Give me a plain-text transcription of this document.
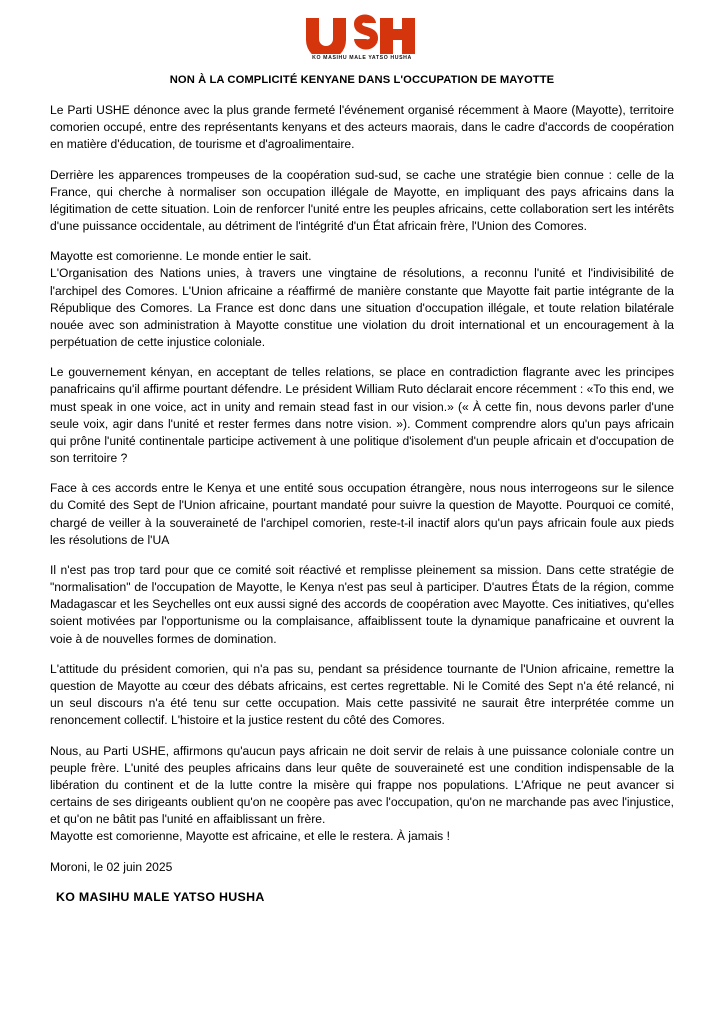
KO MASIHU MALE YATSO HUSHA
NON À LA COMPLICITÉ KENYANE DANS L'OCCUPATION DE MAYOTTE

Le Parti USHE dénonce avec la plus grande fermeté l'événement organisé récemment à Maore (Mayotte), territoire comorien occupé, entre des représentants kenyans et des acteurs maorais, dans le cadre d'accords de coopération en matière d'éducation, de tourisme et d'agroalimentaire.

Derrière les apparences trompeuses de la coopération sud-sud, se cache une stratégie bien connue : celle de la France, qui cherche à normaliser son occupation illégale de Mayotte, en impliquant des pays africains dans la légitimation de cette situation. Loin de renforcer l'unité entre les peuples africains, cette collaboration sert les intérêts d'une puissance occidentale, au détriment de l'intégrité d'un État africain frère, l'Union des Comores.

Mayotte est comorienne. Le monde entier le sait.

L'Organisation des Nations unies, à travers une vingtaine de résolutions, a reconnu l'unité et l'indivisibilité de l'archipel des Comores. L'Union africaine a réaffirmé de manière constante que Mayotte fait partie intégrante de la République des Comores. La France est donc dans une situation d'occupation illégale, et toute relation bilatérale nouée avec son administration à Mayotte constitue une violation du droit international et un encouragement à la perpétuation de cette injustice coloniale.

Le gouvernement kényan, en acceptant de telles relations, se place en contradiction flagrante avec les principes panafricains qu'il affirme pourtant défendre. Le président William Ruto déclarait encore récemment : «To this end, we must speak in one voice, act in unity and remain stead fast in our vision.» (« À cette fin, nous devons parler d'une seule voix, agir dans l'unité et rester fermes dans notre vision. »). Comment comprendre alors qu'un pays africain qui prône l'unité continentale participe activement à une politique d'isolement d'un peuple africain et d'occupation de son territoire ?

Face à ces accords entre le Kenya et une entité sous occupation étrangère, nous nous interrogeons sur le silence du Comité des Sept de l'Union africaine, pourtant mandaté pour suivre la question de Mayotte. Pourquoi ce comité, chargé de veiller à la souveraineté de l'archipel comorien, reste-t-il inactif alors qu'un pays africain foule aux pieds les résolutions de l'UA

Il n'est pas trop tard pour que ce comité soit réactivé et remplisse pleinement sa mission. Dans cette stratégie de "normalisation" de l'occupation de Mayotte, le Kenya n'est pas seul à participer. D'autres États de la région, comme Madagascar et les Seychelles ont eux aussi signé des accords de coopération avec Mayotte. Ces initiatives, qu'elles soient motivées par l'opportunisme ou la complaisance, affaiblissent toute la dynamique panafricaine et ouvrent la voie à de nouvelles formes de domination.

L'attitude du président comorien, qui n'a pas su, pendant sa présidence tournante de l'Union africaine, remettre la question de Mayotte au cœur des débats africains, est certes regrettable. Ni le Comité des Sept n'a été relancé, ni un seul discours n'a été tenu sur cette occupation. Mais cette passivité ne saurait être interprétée comme un renoncement collectif. L'histoire et la justice restent du côté des Comores.

Nous, au Parti USHE, affirmons qu'aucun pays africain ne doit servir de relais à une puissance coloniale contre un peuple frère. L'unité des peuples africains dans leur quête de souveraineté est une condition indispensable de la libération du continent et de la lutte contre la misère qui frappe nos populations. L'Afrique ne peut avancer si certains de ses dirigeants oublient qu'on ne coopère pas avec l'occupation, qu'on ne marchande pas avec l'injustice, et qu'on ne bâtit pas l'unité en affaiblissant un frère.

Mayotte est comorienne, Mayotte est africaine, et elle le restera. À jamais !

Moroni, le 02 juin 2025
KO MASIHU MALE YATSO HUSHA
